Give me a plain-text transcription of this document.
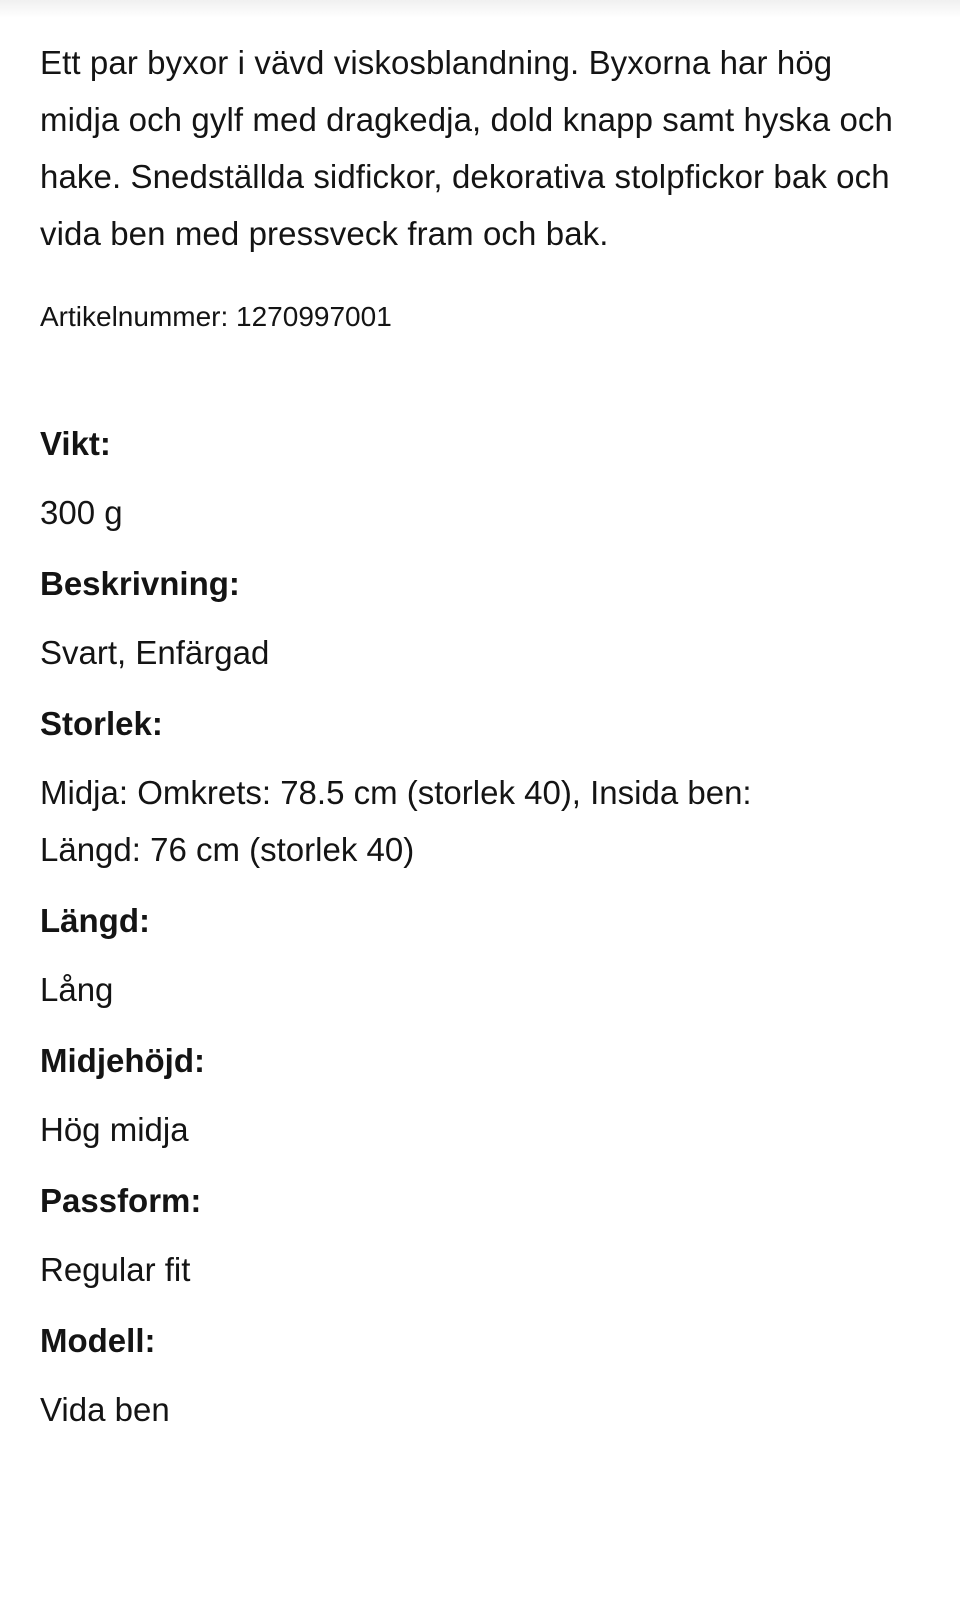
Ett par byxor i vävd viskosblandning. Byxorna har hög midja och gylf med dragkedja, dold knapp samt hyska och hake. Snedställda sidfickor, dekorativa stolpfickor bak och vida ben med pressveck fram och bak.

Artikelnummer: 1270997001
Vikt:
300 g
Beskrivning:
Svart, Enfärgad
Storlek:
Midja: Omkrets: 78.5 cm (storlek 40), Insida ben: Längd: 76 cm (storlek 40)
Längd:
Lång
Midjehöjd:
Hög midja
Passform:
Regular fit
Modell:
Vida ben
